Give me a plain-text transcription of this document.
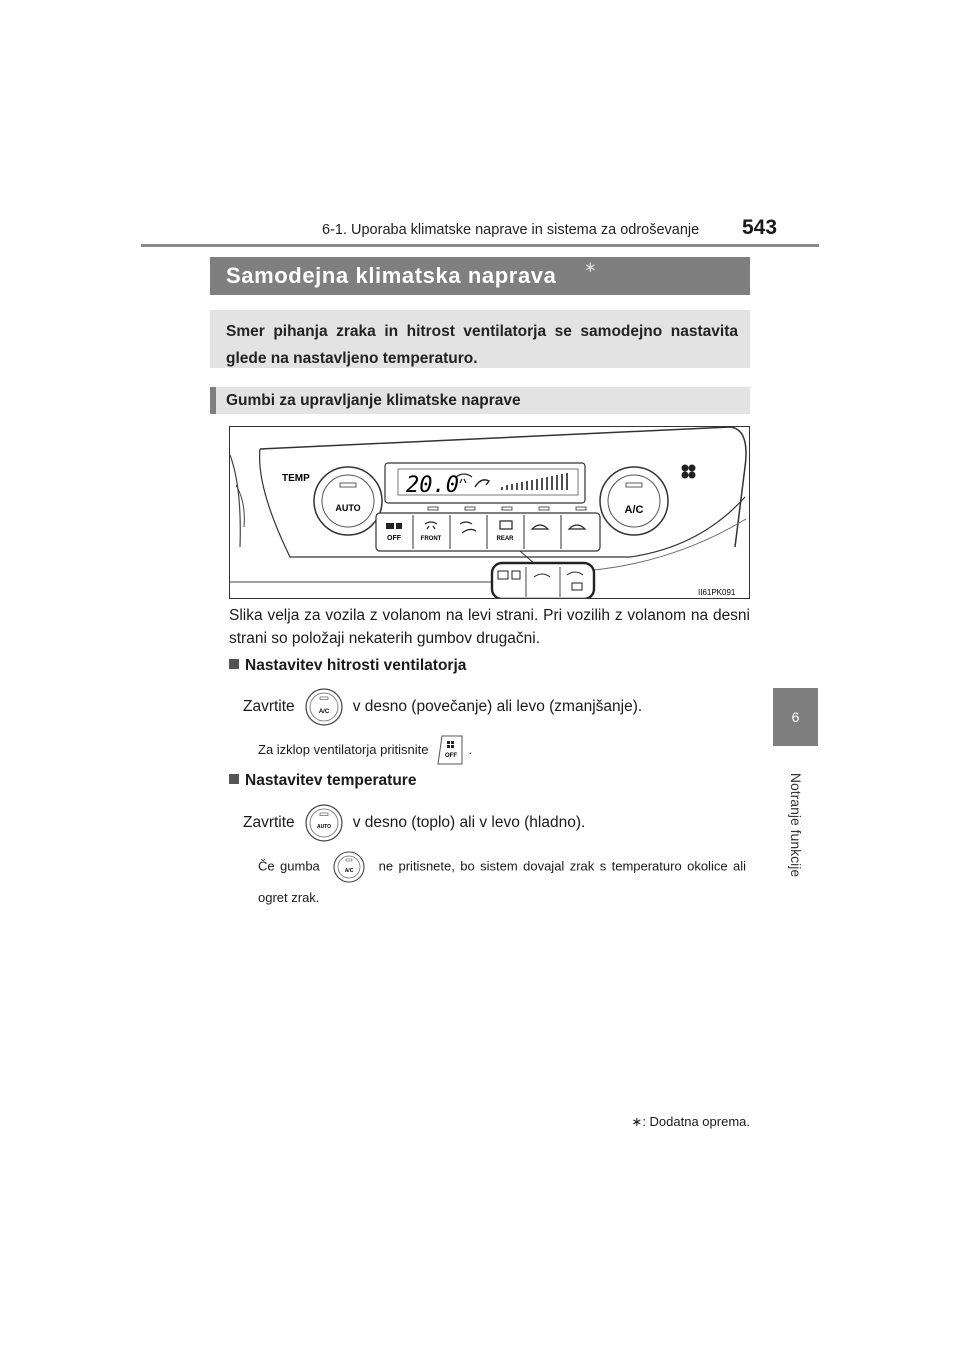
6-1. Uporaba klimatske naprave in sistema za odroševanje 543
6
Notranje funkcije
Samodejna klimatska naprava ∗

Smer pihanja zraka in hitrost ventilatorja se samodejno nastavita glede na nastavljeno temperaturo.

Gumbi za upravljanje klimatske naprave
AUTO
TEMP	20.0
A/C
OFF	FRONT	REAR
II61PK091
Slika velja za vozila z volanom na levi strani. Pri vozilih z volanom na desni strani so položaji nekaterih gumbov drugačni.
Nastavitev hitrosti ventilatorja
Zavrtite	A/C v desno (povečanje) ali levo (zmanjšanje).
Za izklop ventilatorja pritisnite	OFF .
Nastavitev temperature
Zavrtite	AUTO v desno (toplo) ali v levo (hladno).
Če gumba	A/C ne pritisnete, bo sistem dovajal zrak s temperaturo okolice ali ogret zrak.
∗: Dodatna oprema.
